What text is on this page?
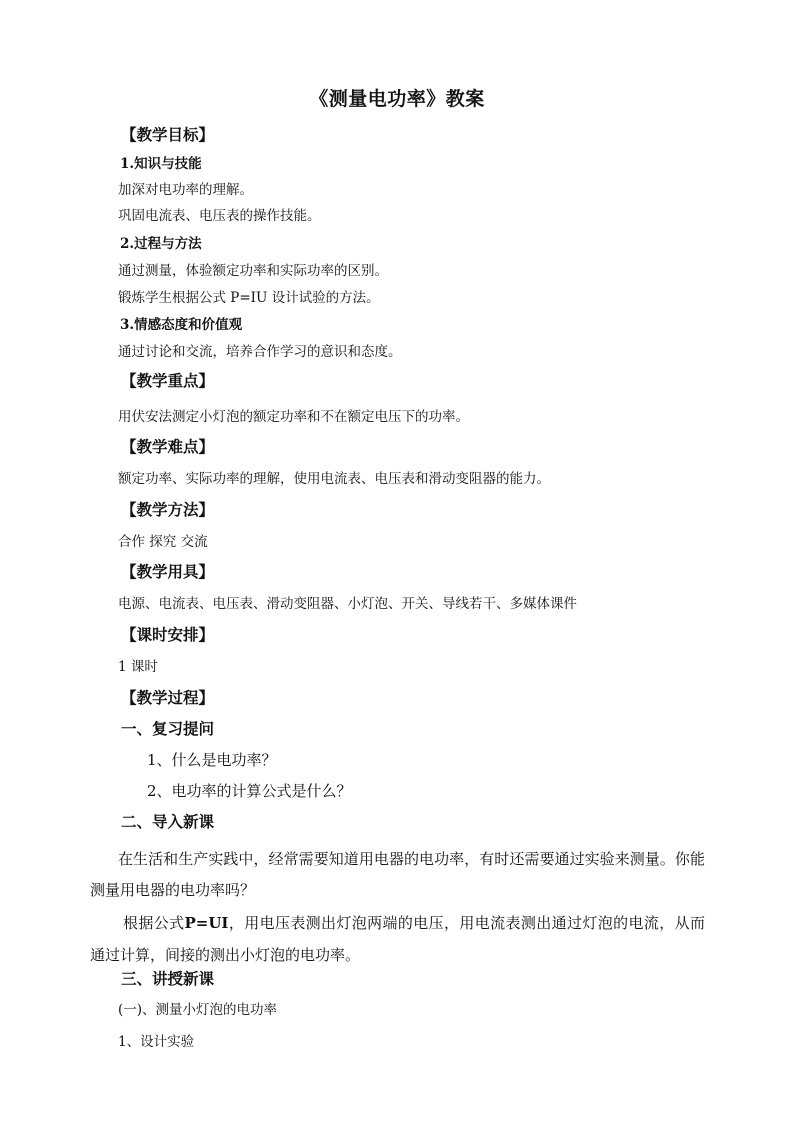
《测量电功率》教案
【教学目标】
1.知识与技能
加深对电功率的理解。
巩固电流表、电压表的操作技能。
2.过程与方法
通过测量，体验额定功率和实际功率的区别。
锻炼学生根据公式 P=IU 设计试验的方法。
3.情感态度和价值观
通过讨论和交流，培养合作学习的意识和态度。
【教学重点】
用伏安法测定小灯泡的额定功率和不在额定电压下的功率。
【教学难点】
额定功率、实际功率的理解，使用电流表、电压表和滑动变阻器的能力。
【教学方法】
合作 探究 交流
【教学用具】
电源、电流表、电压表、滑动变阻器、小灯泡、开关、导线若干、多媒体课件
【课时安排】
1 课时
【教学过程】
一、复习提问
1、什么是电功率？
2、电功率的计算公式是什么？
二、导入新课
在生活和生产实践中，经常需要知道用电器的电功率，有时还需要通过实验来测量。你能测量用电器的电功率吗？
根据公式P=UI，用电压表测出灯泡两端的电压，用电流表测出通过灯泡的电流，从而通过计算，间接的测出小灯泡的电功率。
三、讲授新课
(一)、测量小灯泡的电功率
1、设计实验
